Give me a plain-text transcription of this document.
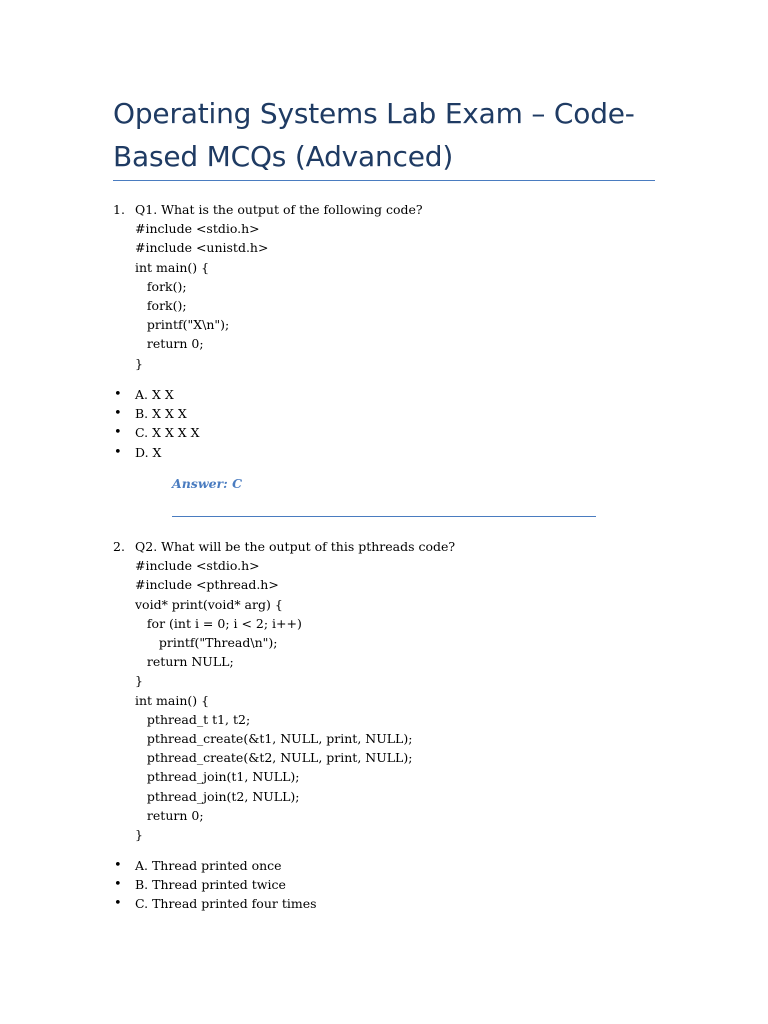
Operating Systems Lab Exam – Code-
Based MCQs (Advanced)
1. Q1. What is the output of the following code?
#include <stdio.h>
#include <unistd.h>
int main() {
fork();
fork();
printf("X\n");
return 0;
}
• A. X X
• B. X X X
• C. X X X X
• D. X
Answer: C
2. Q2. What will be the output of this pthreads code?
#include <stdio.h>
#include <pthread.h>
void* print(void* arg) {
for (int i = 0; i < 2; i++)
printf("Thread\n");
return NULL;
}
int main() {
pthread_t t1, t2;
pthread_create(&t1, NULL, print, NULL);
pthread_create(&t2, NULL, print, NULL);
pthread_join(t1, NULL);
pthread_join(t2, NULL);
return 0;
}
• A. Thread printed once
• B. Thread printed twice
• C. Thread printed four times
